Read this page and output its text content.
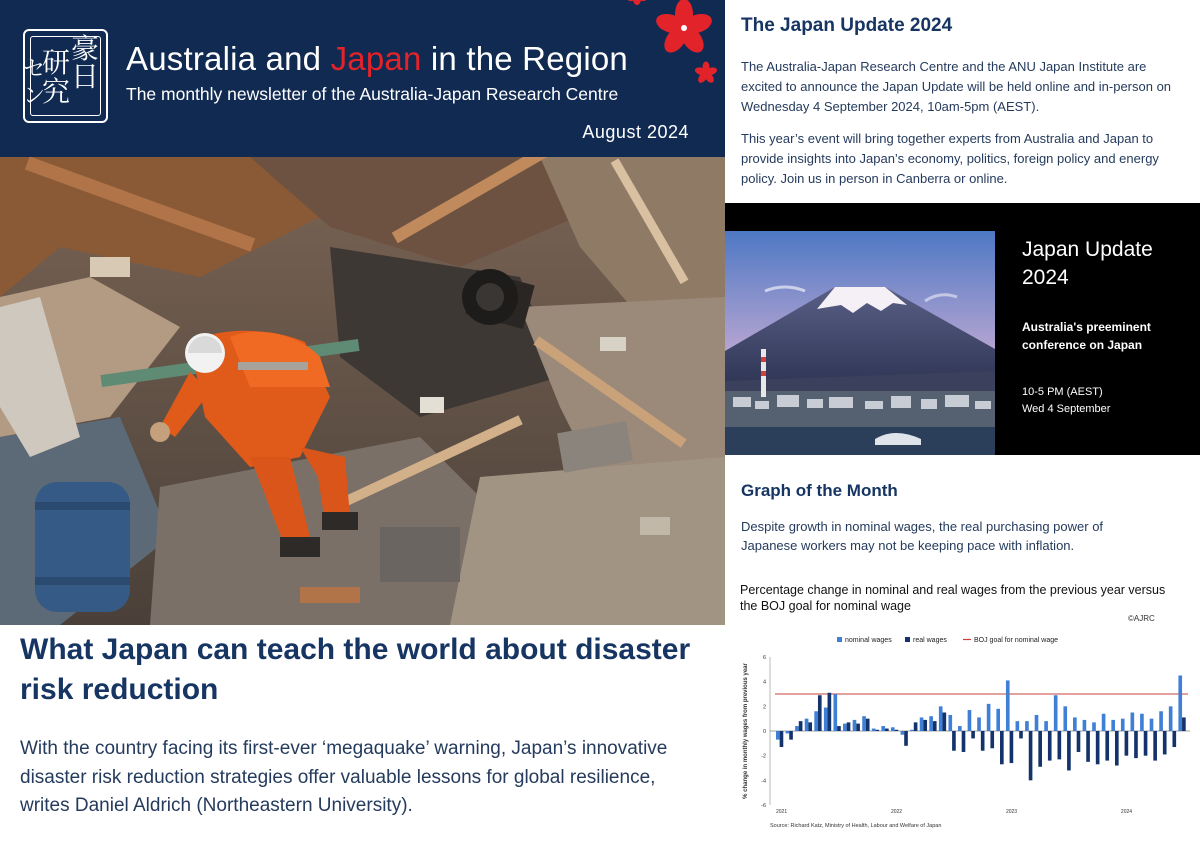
豪
日
研
究
セ
ン
Australia and Japan in the Region
The monthly newsletter of the Australia-Japan Research Centre
August 2024
What Japan can teach the world about disaster risk reduction

With the country facing its first-ever ‘megaquake’ warning, Japan’s innovative disaster risk reduction strategies offer valuable lessons for global resilience, writes Daniel Aldrich (Northeastern University).

The Japan Update 2024

The Australia-Japan Research Centre and the ANU Japan Institute are excited to announce the Japan Update will be held online and in-person on Wednesday 4 September 2024, 10am-5pm (AEST).

This year’s event will bring together experts from Australia and Japan to provide insights into Japan’s economy, politics, foreign policy and energy policy. Join us in person in Canberra or online.

Japan Update 2024
Australia's preeminent conference on Japan
10-5 PM (AEST)
Wed 4 September
Graph of the Month

Despite growth in nominal wages, the real purchasing power of Japanese workers may not be keeping pace with inflation.

Percentage change in nominal and real wages from the previous year versus the BOJ goal for nominal wage
©AJRC
nominal wages	real wages	BOJ goal for nominal wage
6
4
2
0
-2
-4
-6
% change in monthly wages from previous year
2021	2022	2023	2024
Source: Richard Katz, Ministry of Health, Labour and Welfare of Japan
